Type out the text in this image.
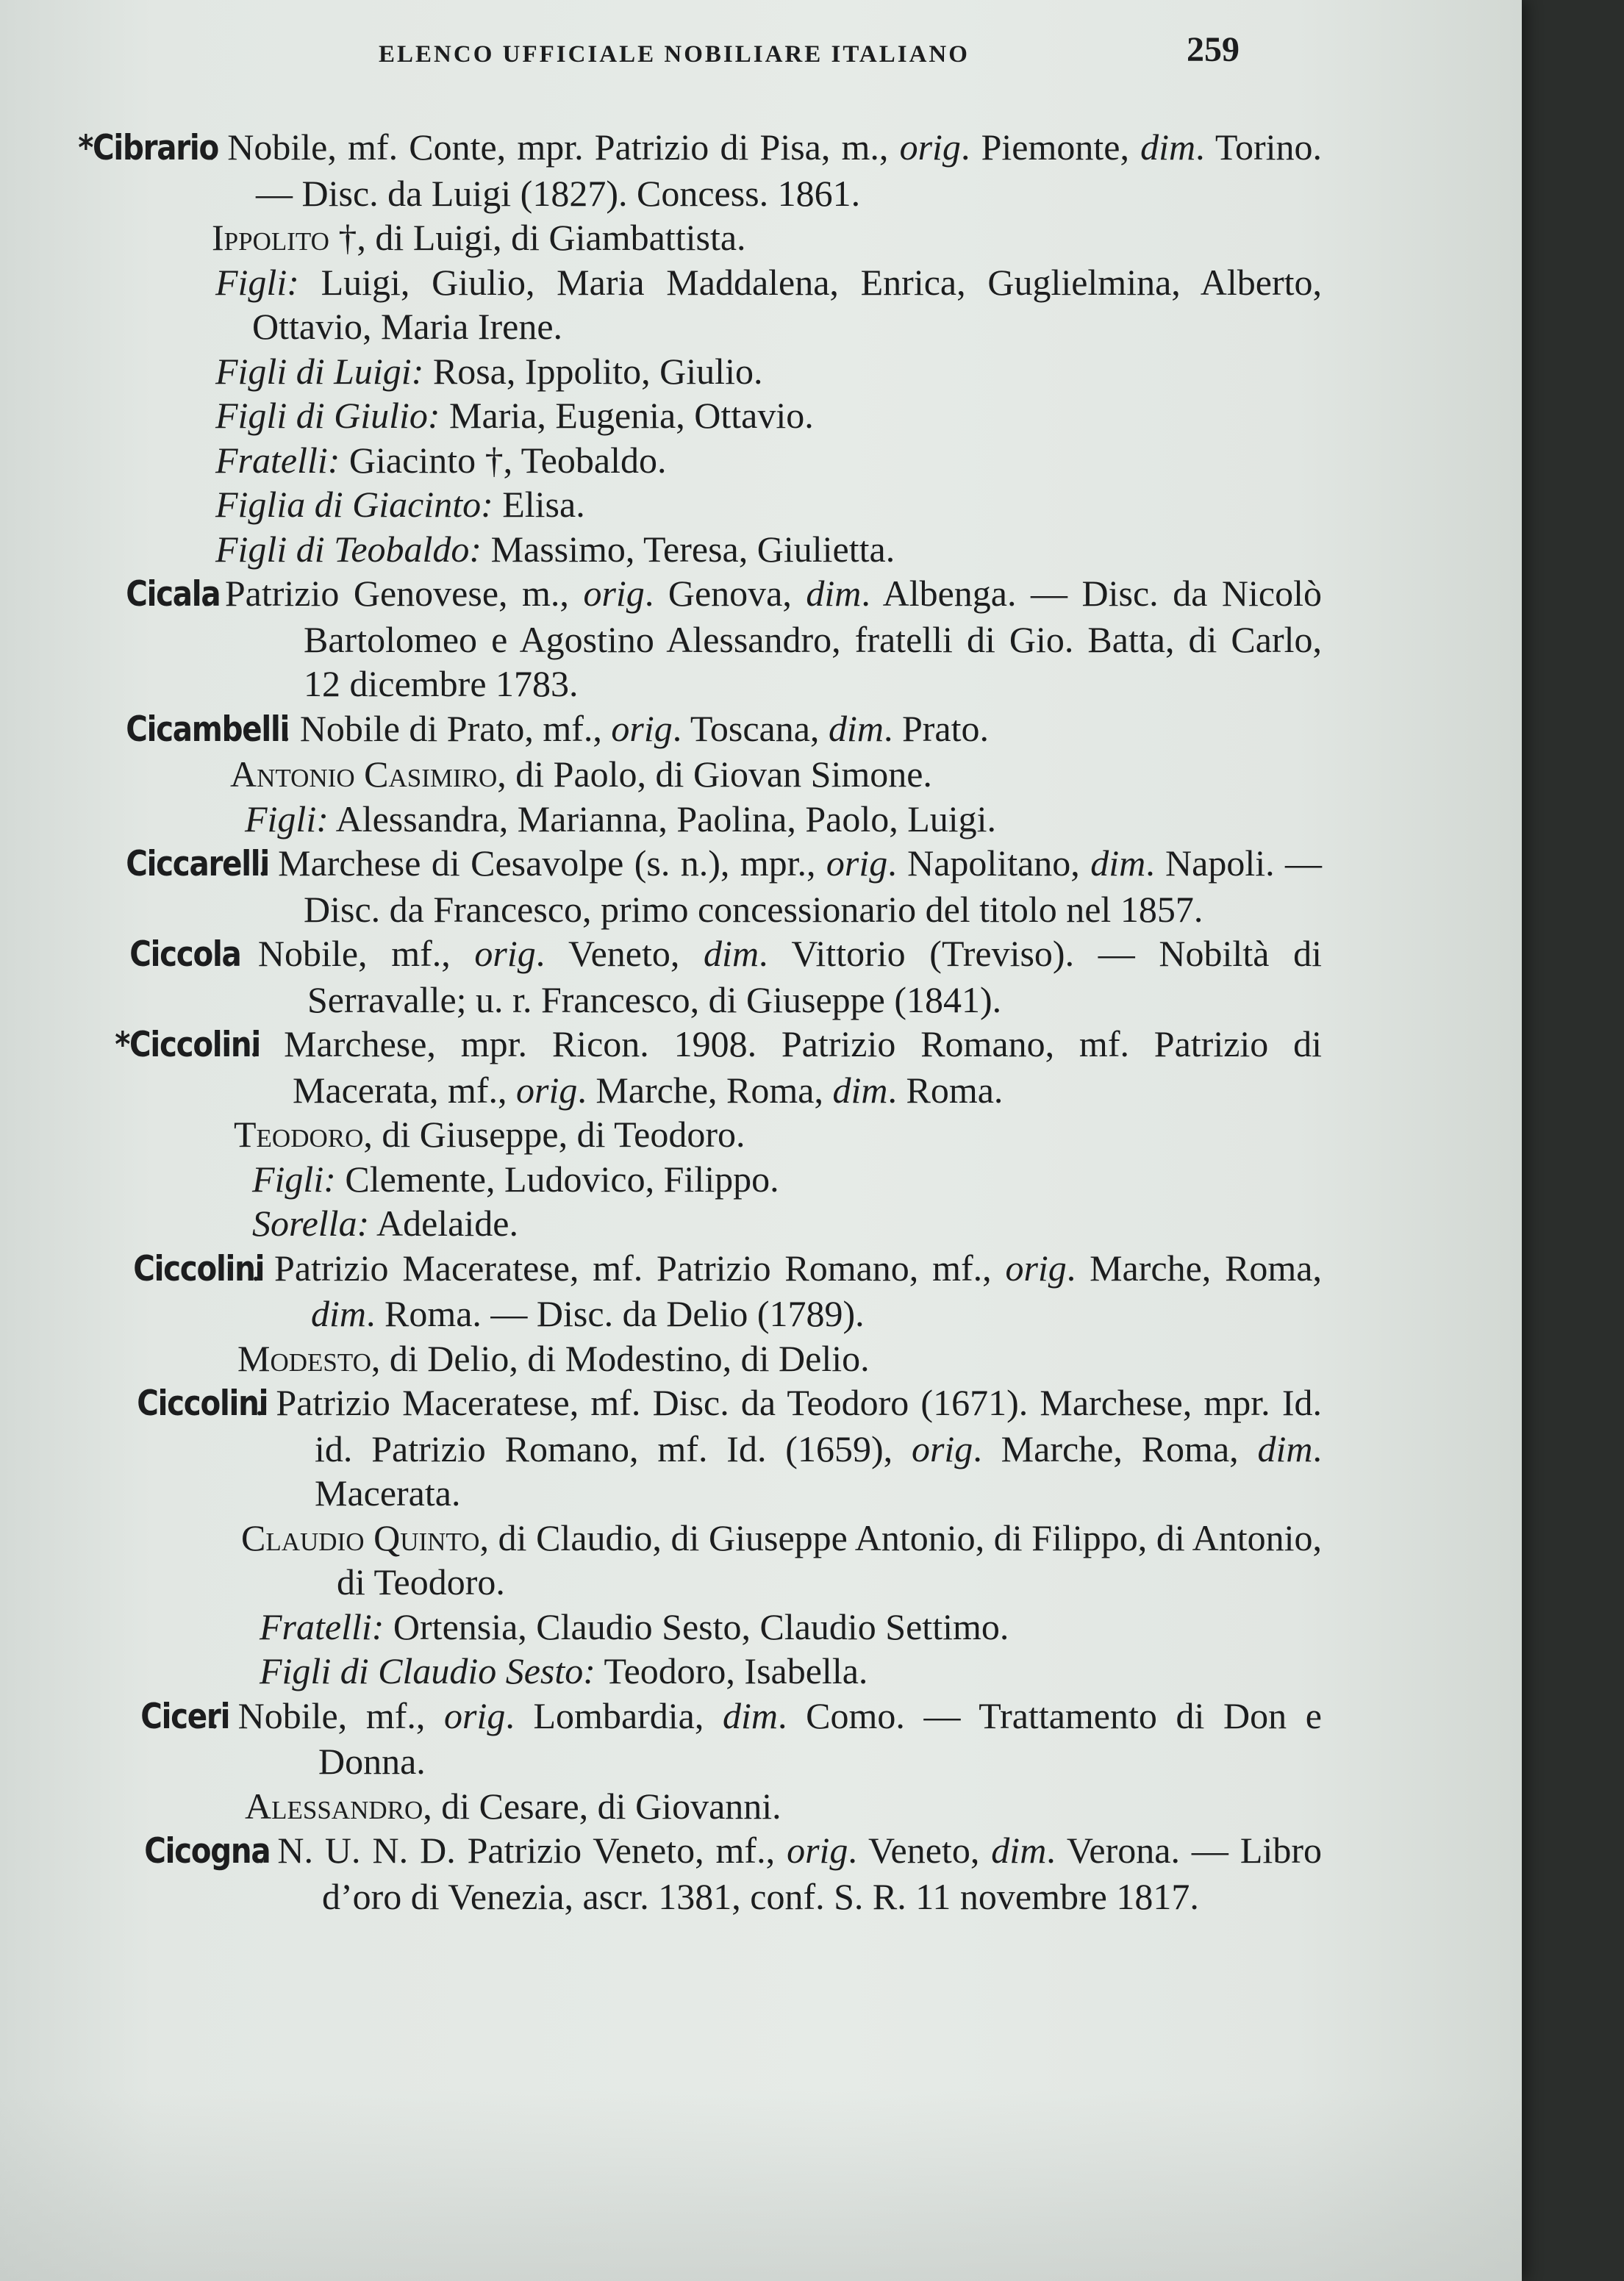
ELENCO UFFICIALE NOBILIARE ITALIANO	259

*Cibrario. Nobile, mf. Conte, mpr. Patrizio di Pisa, m., orig. Piemonte, dim. Torino. — Disc. da Luigi (1827). Concess. 1861.

Ippolito †, di Luigi, di Giambattista.

Figli: Luigi, Giulio, Maria Maddalena, Enrica, Guglielmina, Alberto, Ottavio, Maria Irene.

Figli di Luigi: Rosa, Ippolito, Giulio.

Figli di Giulio: Maria, Eugenia, Ottavio.

Fratelli: Giacinto †, Teobaldo.

Figlia di Giacinto: Elisa.

Figli di Teobaldo: Massimo, Teresa, Giulietta.

Cicala. Patrizio Genovese, m., orig. Genova, dim. Albenga. — Disc. da Nicolò Bartolomeo e Agostino Alessandro, fratelli di Gio. Batta, di Carlo, 12 dicembre 1783.

Cicambelli. Nobile di Prato, mf., orig. Toscana, dim. Prato.

Antonio Casimiro, di Paolo, di Giovan Simone.

Figli: Alessandra, Marianna, Paolina, Paolo, Luigi.

Ciccarelli. Marchese di Cesavolpe (s. n.), mpr., orig. Napolitano, dim. Napoli. — Disc. da Francesco, primo concessionario del titolo nel 1857.

Ciccola. Nobile, mf., orig. Veneto, dim. Vittorio (Treviso). — Nobiltà di Serravalle; u. r. Francesco, di Giuseppe (1841).

*Ciccolini. Marchese, mpr. Ricon. 1908. Patrizio Romano, mf. Patrizio di Macerata, mf., orig. Marche, Roma, dim. Roma.

Teodoro, di Giuseppe, di Teodoro.

Figli: Clemente, Ludovico, Filippo.

Sorella: Adelaide.

Ciccolini. Patrizio Maceratese, mf. Patrizio Romano, mf., orig. Marche, Roma, dim. Roma. — Disc. da Delio (1789).

Modesto, di Delio, di Modestino, di Delio.

Ciccolini. Patrizio Maceratese, mf. Disc. da Teodoro (1671). Marchese, mpr. Id. id. Patrizio Romano, mf. Id. (1659), orig. Marche, Roma, dim. Macerata.

Claudio Quinto, di Claudio, di Giuseppe Antonio, di Filippo, di Antonio, di Teodoro.

Fratelli: Ortensia, Claudio Sesto, Claudio Settimo.

Figli di Claudio Sesto: Teodoro, Isabella.

Ciceri. Nobile, mf., orig. Lombardia, dim. Como. — Trattamento di Don e Donna.

Alessandro, di Cesare, di Giovanni.

Cicogna. N. U. N. D. Patrizio Veneto, mf., orig. Veneto, dim. Verona. — Libro d’oro di Venezia, ascr. 1381, conf. S. R. 11 novembre 1817.
